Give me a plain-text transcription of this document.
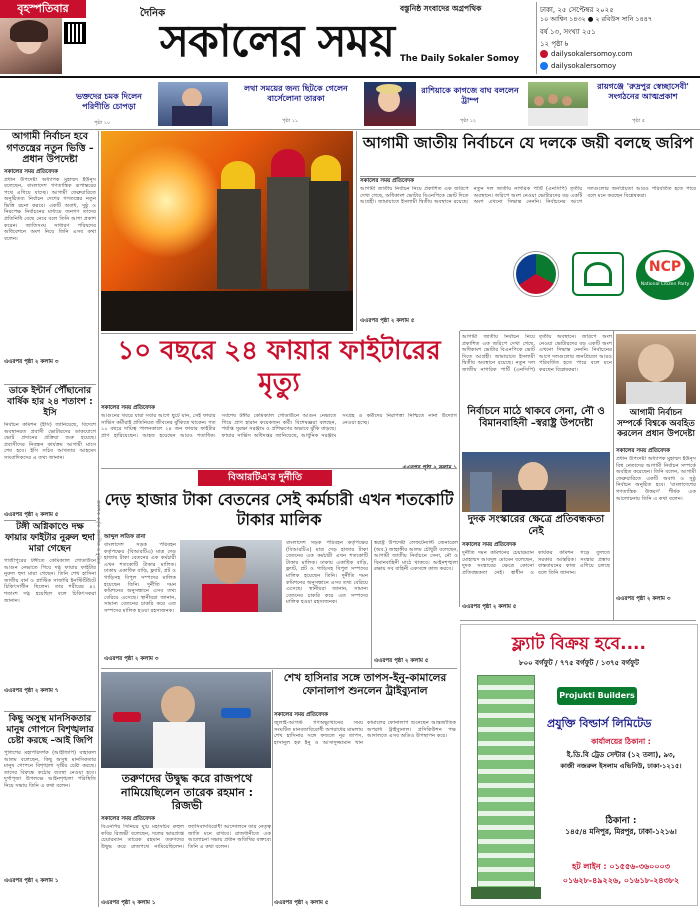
বৃহস্পতিবার	দৈনিক
সকালের সময়
বস্তুনিষ্ঠ সংবাদের অগ্রপথিক
The Daily Sokaler Somoy
ঢাকা, ২৫ সেপ্টেম্বর ২০২৫
১০ আশ্বিন ১৪৩২ ● ২ রবিউস সানি ১৪৪৭
বর্ষ ১৩, সংখ্যা ২৫১
১২ পৃষ্ঠা ৳
dailysokalersomoy.com
dailysokalersomoy
ভক্তদের চমক দিলেন পরিণীতি চোপড়া
পৃষ্ঠা ১০
লথা সময়ের জন্য ছিটকে গেলেন বার্সেলোনা তারকা
পৃষ্ঠা ১১
রাশিয়াকে কাগজে বাঘ বললেন ট্রাম্প
পৃষ্ঠা ১২
রায়গঞ্জে 'রুদ্রপুর স্বেচ্ছাসেবী' সংগঠনের আত্মপ্রকাশ
পৃষ্ঠা ৫
আগামী নির্বাচন হবে গণতন্ত্রের নতুন ভিত্তি –প্রধান উপদেষ্টা
সকালের সময় প্রতিবেদক
প্রধান উপদেষ্টা অধ্যাপক মুহাম্মদ ইউনূস বলেছেন, বাংলাদেশ গণতান্ত্রিক রূপান্তরের পথে এগিয়ে যাচ্ছে। আগামী ফেব্রুয়ারিতে অনুষ্ঠিতব্য নির্বাচন দেশের গণতন্ত্রের নতুন ভিত্তি রচনা করবে। একটি অবাধ, সুষ্ঠু ও নিরপেক্ষ নির্বাচনের মাধ্যমে জনগণ তাদের প্রতিনিধি বেছে নেবে বলে তিনি আশা প্রকাশ করেন। জাতিসংঘ সাধারণ পরিষদের অধিবেশনে অংশ নিয়ে তিনি এসব কথা বলেন।
এএরপর পৃষ্ঠা ২ কলাম ৩
ডাকে ইন্টার্ন পৌঁছানোর বার্ষিক হার ২৪ শতাংশ : ইসি
নির্বাচন কমিশন (ইসি) জানিয়েছে, বিদেশে অবস্থানরত প্রবাসী ভোটারদের ডাকযোগে ভোট প্রদানের প্রক্রিয়া শুরু হয়েছে। প্রবাসীদের নিবন্ধন কার্যক্রম আগামী মাসে শেষ হবে। ইসি সচিব আখতার আহমেদ সাংবাদিকদের এ তথ্য জানান।
এএরপর পৃষ্ঠা ২ কলাম ৫
টঙ্গী অগ্নিকাণ্ডে দক্ষ ফায়ার ফাইটার নুরুল হুদা মারা গেছেন
গাজীপুরের টঙ্গীতে কেমিক্যাল গোডাউনে আগুন নেভাতে গিয়ে দগ্ধ ফায়ার ফাইটার নুরুল হুদা মারা গেছেন। তিনি শেখ হাসিনা জাতীয় বার্ন ও প্লাস্টিক সার্জারি ইনস্টিটিউটে চিকিৎসাধীন ছিলেন। তার শরীরের ৪২ শতাংশ দগ্ধ হয়েছিল বলে চিকিৎসকরা জানান।
এএরপর পৃষ্ঠা ২ কলাম ৭
কিছু অসুস্থ মানসিকতার মানুষ গোপনে বিশৃঙ্খলার চেষ্টা করছে –আই জিপি
পুলিশের মহাপরিদর্শক (আইজিপি) বাহারুল আলম বলেছেন, কিছু অসুস্থ মানসিকতার মানুষ গোপনে বিশৃঙ্খলা সৃষ্টির চেষ্টা করছে। তাদের বিরুদ্ধে কঠোর ব্যবস্থা নেওয়া হবে। দুর্গাপূজা উপলক্ষে আইনশৃঙ্খলা পরিস্থিতি নিয়ে সভায় তিনি এ কথা বলেন।
এএরপর পৃষ্ঠা ২ কলাম ১
প্রকাশক কর্তৃক প্রকাশিত ও মুদ্রিত
১০ বছরে ২৪ ফায়ার ফাইটারের মৃত্যু
সকালের সময় প্রতিবেদক
আগুনের খবরে যারা সবার আগে ছুটে যান, সেই ফায়ার সার্ভিস কর্মীরাই প্রতিনিয়ত জীবনের ঝুঁকিতে থাকেন। গত ১০ বছরে দায়িত্ব পালনকালে ২৪ জন ফায়ার ফাইটার প্রাণ হারিয়েছেন। আহত হয়েছেন আরও শতাধিক। সর্বশেষ টঙ্গীর কেমিক্যাল গোডাউনে আগুন নেভাতে গিয়ে প্রাণ হারান কয়েকজন কর্মী। বিশেষজ্ঞরা বলছেন, পর্যাপ্ত সুরক্ষা সরঞ্জাম ও প্রশিক্ষণের অভাবে ঝুঁকি বাড়ছে। ফায়ার সার্ভিস অধিদপ্তর জানিয়েছে, আধুনিক সরঞ্জাম সংগ্রহ ও কর্মীদের নিরাপত্তা নিশ্চিতে নানা উদ্যোগ নেওয়া হচ্ছে।
আগামী জাতীয় নির্বাচনে যে দলকে জয়ী বলছে জরিপ
সকালের সময় প্রতিবেদক
আগামী জাতীয় নির্বাচন নিয়ে প্রকাশিত এক জরিপে দেখা গেছে, অধিকাংশ ভোটার বিএনপিকে ভোট দিতে আগ্রহী। জামায়াতে ইসলামী দ্বিতীয় অবস্থানে রয়েছে। নতুন দল জাতীয় নাগরিক পার্টি (এনসিপি) তৃতীয় অবস্থানে। জরিপে অংশ নেওয়া ভোটারদের বড় একটি অংশ এখনো সিদ্ধান্ত নেননি। নির্বাচনের আগে দলগুলোর জনপ্রিয়তা আরও পরিবর্তিত হতে পারে বলে মনে করছেন বিশ্লেষকরা।
NCP
National Citizen Party
এএরপর পৃষ্ঠা ২ কলাম ৫
আগামী জাতীয় নির্বাচন নিয়ে প্রকাশিত এক জরিপে দেখা গেছে, অধিকাংশ ভোটার বিএনপিকে ভোট দিতে আগ্রহী। জামায়াতে ইসলামী দ্বিতীয় অবস্থানে রয়েছে। নতুন দল জাতীয় নাগরিক পার্টি (এনসিপি) তৃতীয় অবস্থানে। জরিপে অংশ নেওয়া ভোটারদের বড় একটি অংশ এখনো সিদ্ধান্ত নেননি। নির্বাচনের আগে দলগুলোর জনপ্রিয়তা আরও পরিবর্তিত হতে পারে বলে মনে করছেন বিশ্লেষকরা।
আগামী নির্বাচন সম্পর্কে বিশ্বকে অবহিত করলেন প্রধান উপদেষ্টা
সকালের সময় প্রতিবেদক
প্রধান উপদেষ্টা অধ্যাপক মুহাম্মদ ইউনূস বিশ্ব নেতাদের আগামী নির্বাচন সম্পর্কে অবহিত করেছেন। তিনি বলেন, আগামী ফেব্রুয়ারিতে একটি অবাধ ও সুষ্ঠু নির্বাচন অনুষ্ঠিত হবে। 'বাংলাদেশের গণতান্ত্রিক উত্তরণ' শীর্ষক এক আলোচনায় তিনি এ কথা বলেন।
এএরপর পৃষ্ঠা ২ কলাম ৩
নির্বাচনে মাঠে থাকবে সেনা, নৌ ও বিমানবাহিনী –স্বরাষ্ট্র উপদেষ্টা
দুদক সংস্কারের ক্ষেত্রে প্রতিবন্ধকতা নেই
সকালের সময় প্রতিবেদক
দুর্নীতি দমন কমিশনের চেয়ারম্যান মোহাম্মদ আবদুল মোমেন বলেছেন, দুদক সংস্কারের ক্ষেত্রে কোনো প্রতিবন্ধকতা নেই। স্বাধীন ও কার্যকর কমিশন গড়ে তুলতে সরকার আন্তরিক। সংস্কার প্রস্তাব বাস্তবায়নের কাজ এগিয়ে চলছে বলে তিনি জানান।
এএরপর পৃষ্ঠা ২ কলাম ৫
বিআরটিএ'র দুর্নীতি
দেড় হাজার টাকা বেতনের সেই কর্মচারী এখন শতকোটি টাকার মালিক
আব্দুল লতিফ রানা
বাংলাদেশ সড়ক পরিবহন কর্তৃপক্ষের (বিআরটিএ) মাত্র দেড় হাজার টাকা বেতনের এক কর্মচারী এখন শতকোটি টাকার মালিক। ঢাকায় একাধিক বাড়ি, ফ্ল্যাট, প্লট ও গাড়িসহ বিপুল সম্পদের মালিক হয়েছেন তিনি। দুর্নীতি দমন কমিশনের অনুসন্ধানে এসব তথ্য বেরিয়ে এসেছে। স্থানীয়রা জানান, সামান্য বেতনের চাকরি করে এত সম্পদের মালিক হওয়া রহস্যজনক।
বাংলাদেশ সড়ক পরিবহন কর্তৃপক্ষের (বিআরটিএ) মাত্র দেড় হাজার টাকা বেতনের এক কর্মচারী এখন শতকোটি টাকার মালিক। ঢাকায় একাধিক বাড়ি, ফ্ল্যাট, প্লট ও গাড়িসহ বিপুল সম্পদের মালিক হয়েছেন তিনি। দুর্নীতি দমন কমিশনের অনুসন্ধানে এসব তথ্য বেরিয়ে এসেছে। স্থানীয়রা জানান, সামান্য বেতনের চাকরি করে এত সম্পদের মালিক হওয়া রহস্যজনক।
এএরপর পৃষ্ঠা ২ কলাম ৩
স্বরাষ্ট্র উপদেষ্টা লেফটেন্যান্ট জেনারেল (অব.) জাহাঙ্গীর আলম চৌধুরী বলেছেন, আগামী জাতীয় নির্বাচনে সেনা, নৌ ও বিমানবাহিনী মাঠে থাকবে। আইনশৃঙ্খলা রক্ষায় সব বাহিনী একসঙ্গে কাজ করবে।
এএরপর পৃষ্ঠা ২ কলাম ৫
শেখ হাসিনার সঙ্গে তাপস-ইনু-কামালের ফোনালাপ শুনলেন ট্রাইব্যুনাল
সকালের সময় প্রতিবেদক
জুলাই-আগস্ট গণঅভ্যুত্থানের সময় সংঘটিত মানবতাবিরোধী অপরাধের মামলায় শেখ হাসিনার সঙ্গে ফজলে নূর তাপস, হাসানুল হক ইনু ও আসাদুজ্জামান খান কামালের ফোনালাপ শুনেছেন আন্তর্জাতিক অপরাধ ট্রাইব্যুনাল। প্রসিকিউশন পক্ষ আদালতে এসব অডিও উপস্থাপন করে।
এএরপর পৃষ্ঠা ২ কলাম ৫
তরুণদের উদ্বুদ্ধ করে রাজপথে নামিয়েছিলেন তারেক রহমান : রিজভী
সকালের সময় প্রতিবেদক
বিএনপির সিনিয়র যুগ্ম মহাসচিব রুহুল কবির রিজভী বলেছেন, দলের ভারপ্রাপ্ত চেয়ারম্যান তারেক রহমান তরুণদের উদ্বুদ্ধ করে রাজপথে নামিয়েছিলেন। ফ্যাসিবাদবিরোধী আন্দোলনে তার নেতৃত্ব জাতি মনে রাখবে। রাজধানীতে এক আলোচনা সভায় প্রধান অতিথির বক্তব্যে তিনি এ কথা বলেন।
এএরপর পৃষ্ঠা ২ কলাম ১
ফ্ল্যাট বিক্রয় হবে....
৮০০ বর্গফুট / ৭৭৫ বর্গফুট / ১৩৭৫ বর্গফুট
Projukti Builders
প্রযুক্তি বিল্ডার্স লিমিটেড
কার্যালয়ের ঠিকানা :
ই.ডি.বি ট্রেড সেন্টার (১২ তলা), ৯৩,
কাজী নজরুল ইসলাম এভিনিউ, ঢাকা-১২১৫।
ঠিকানা :
১৪৫/৪ মনিপুর, মিরপুর, ঢাকা-১২১৬।
হট লাইন : ০১৫৫৬-৩৬০০০৩
০১৬২৮-৪৯২২৬, ০১৬১৮-২৪৩৮২
